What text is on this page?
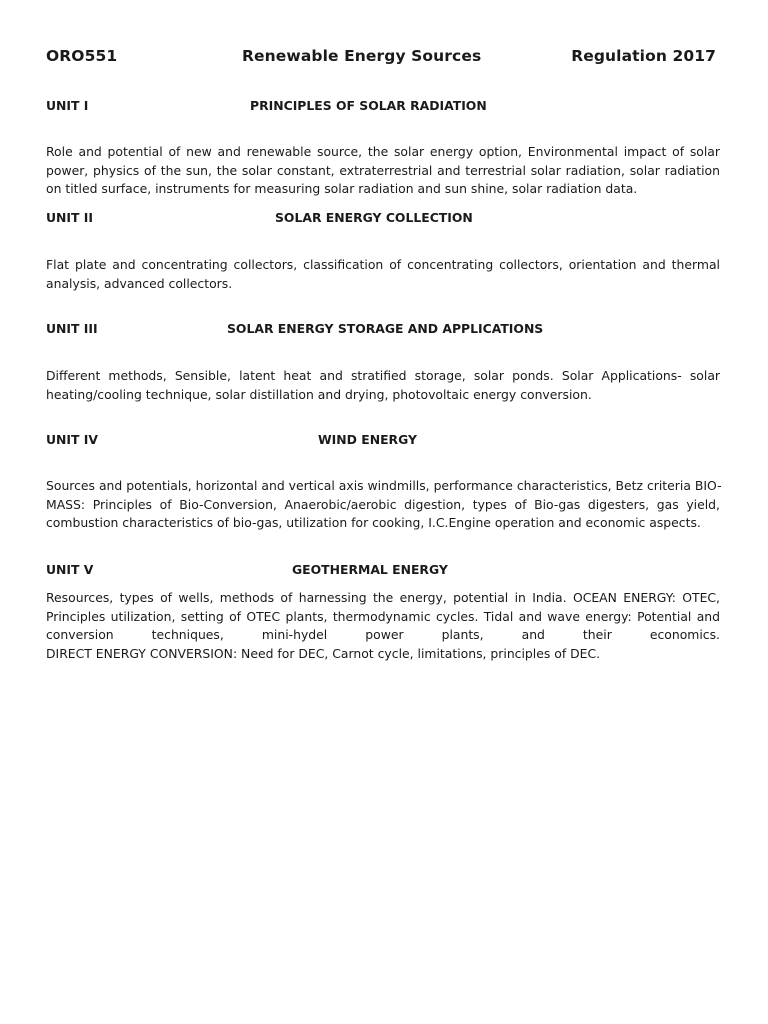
ORO551	Renewable Energy Sources	Regulation 2017
UNIT I	PRINCIPLES OF SOLAR RADIATION
Role and potential of new and renewable source, the solar energy option, Environmental impact of solar
power, physics of the sun, the solar constant, extraterrestrial and terrestrial solar radiation, solar radiation
on titled surface, instruments for measuring solar radiation and sun shine, solar radiation data.
UNIT II	SOLAR ENERGY COLLECTION
Flat plate and concentrating collectors, classification of concentrating collectors, orientation and thermal
analysis, advanced collectors.
UNIT III	SOLAR ENERGY STORAGE AND APPLICATIONS
Different methods, Sensible, latent heat and stratified storage, solar ponds. Solar Applications- solar
heating/cooling technique, solar distillation and drying, photovoltaic energy conversion.
UNIT IV	WIND ENERGY
Sources and potentials, horizontal and vertical axis windmills, performance characteristics, Betz criteria BIO-
MASS: Principles of Bio-Conversion, Anaerobic/aerobic digestion, types of Bio-gas digesters, gas yield,
combustion characteristics of bio-gas, utilization for cooking, I.C.Engine operation and economic aspects.
UNIT V	GEOTHERMAL ENERGY
Resources, types of wells, methods of harnessing the energy, potential in India. OCEAN ENERGY: OTEC,
Principles utilization, setting of OTEC plants, thermodynamic cycles. Tidal and wave energy: Potential and
conversion techniques, mini-hydel power plants, and their economics.
DIRECT ENERGY CONVERSION: Need for DEC, Carnot cycle, limitations, principles of DEC.
